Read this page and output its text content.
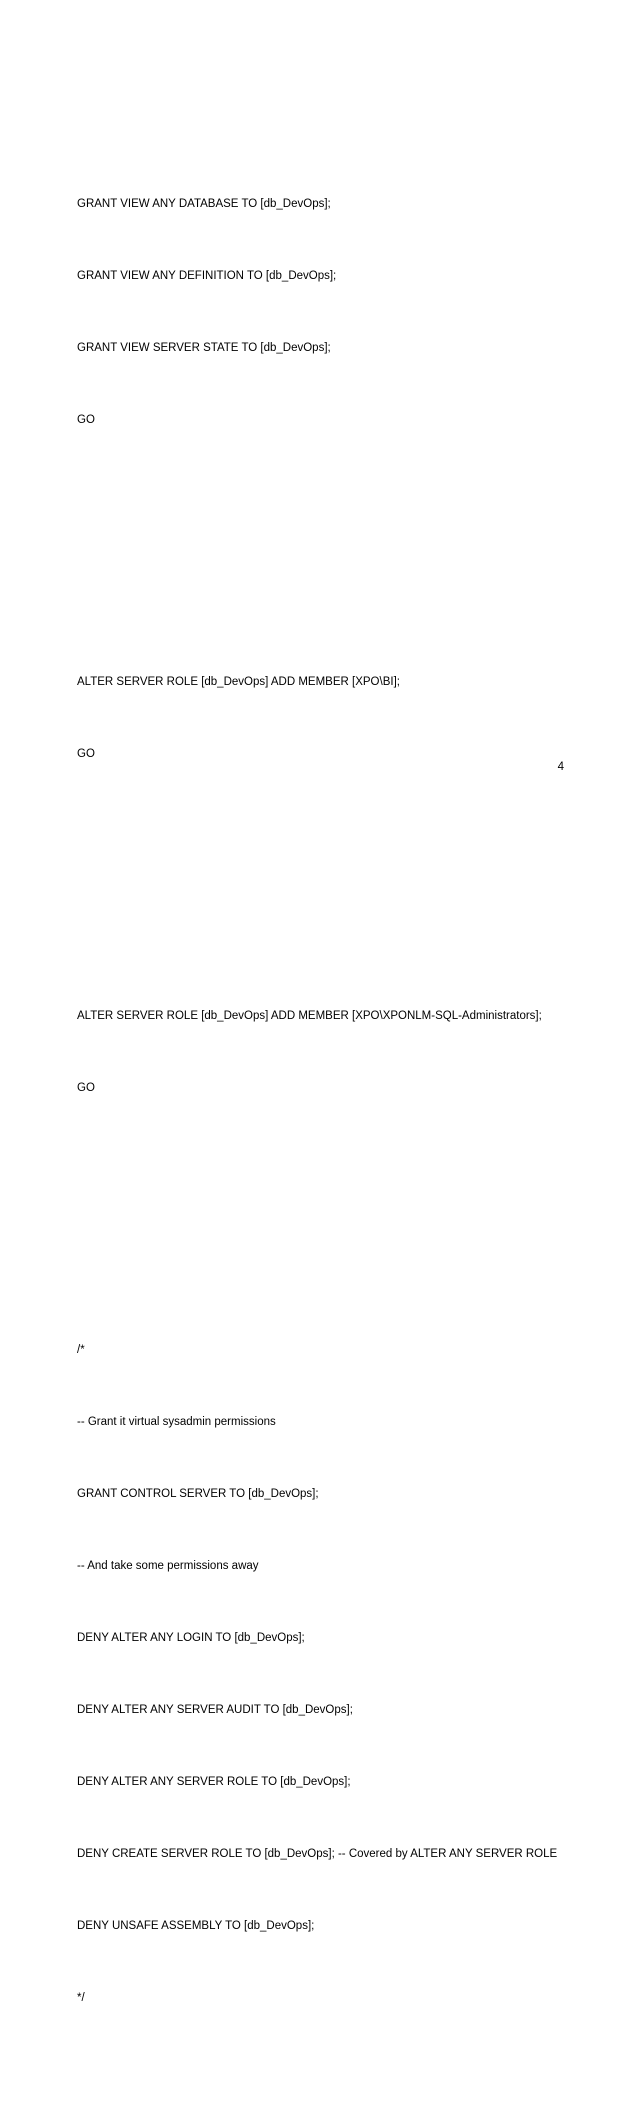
GRANT VIEW ANY DATABASE TO [db_DevOps];

GRANT VIEW ANY DEFINITION TO [db_DevOps];

GRANT VIEW SERVER STATE TO [db_DevOps];

GO

ALTER SERVER ROLE [db_DevOps] ADD MEMBER [XPO\BI];

GO

ALTER SERVER ROLE [db_DevOps] ADD MEMBER [XPO\XPONLM-SQL-Administrators];

GO

/*

-- Grant it virtual sysadmin permissions

GRANT CONTROL SERVER TO [db_DevOps];

-- And take some permissions away

DENY ALTER ANY LOGIN TO [db_DevOps];

DENY ALTER ANY SERVER AUDIT TO [db_DevOps];

DENY ALTER ANY SERVER ROLE TO [db_DevOps];

DENY CREATE SERVER ROLE TO [db_DevOps]; -- Covered by ALTER ANY SERVER ROLE

DENY UNSAFE ASSEMBLY TO [db_DevOps];

*/

4
